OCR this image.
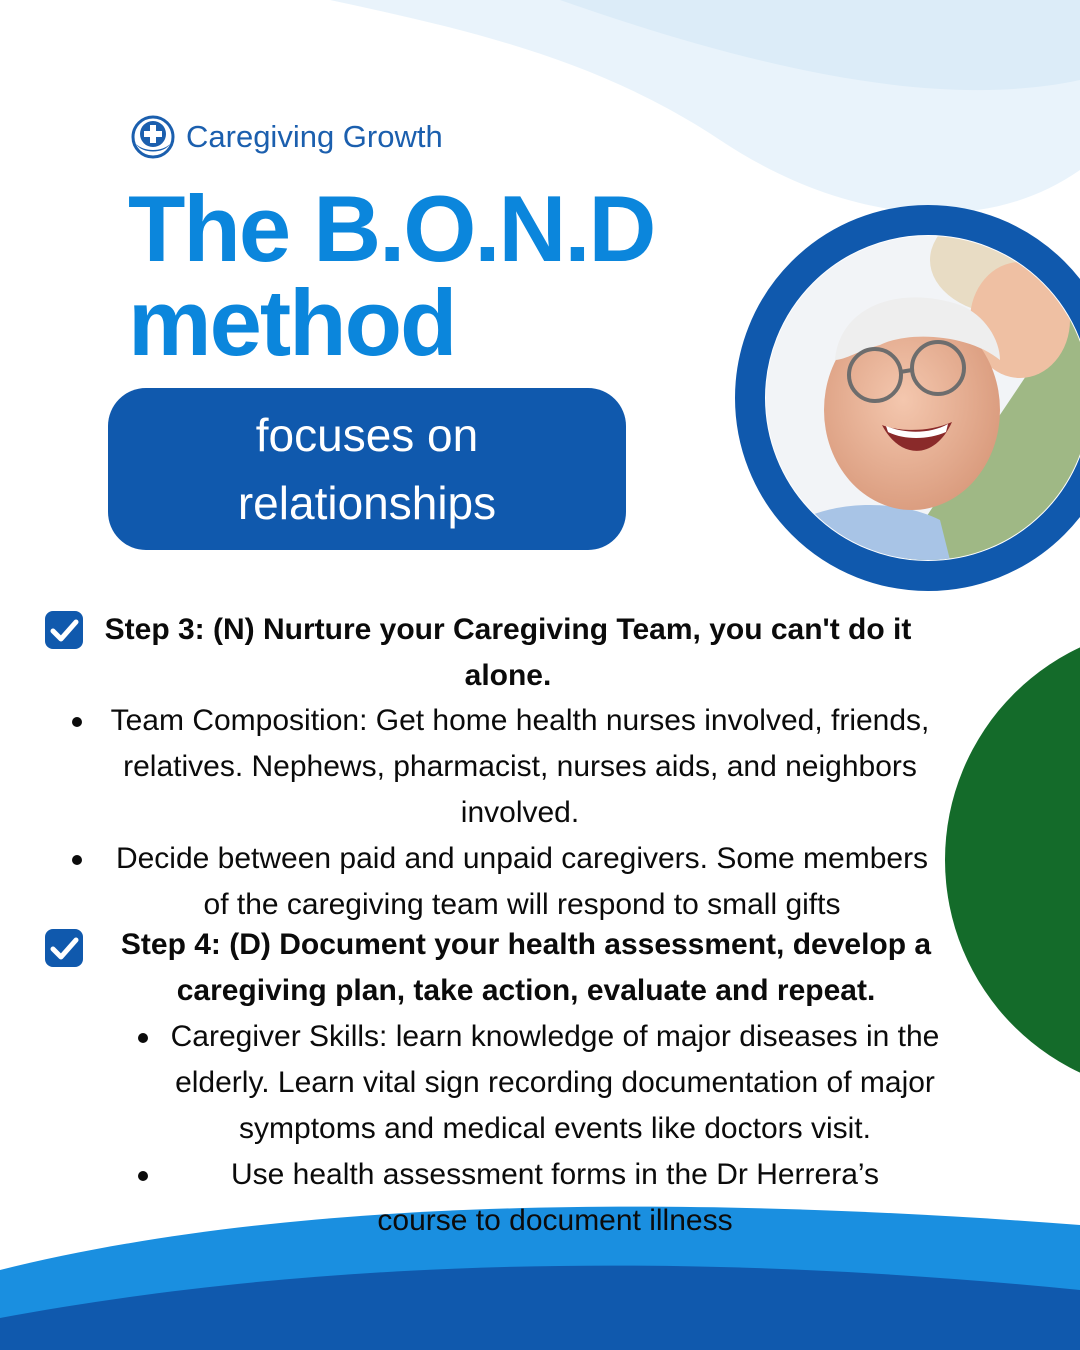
Caregiving Growth
The B.O.N.D
method
focuses on relationships
Step 3: (N) Nurture your Caregiving Team, you can't do it alone.
Team Composition: Get home health nurses involved, friends, relatives. Nephews, pharmacist, nurses aids, and neighbors involved.
Decide between paid and unpaid caregivers. Some members of the caregiving team will respond to small gifts
Step 4: (D) Document your health assessment, develop a caregiving plan, take action, evaluate and repeat.
Caregiver Skills: learn knowledge of major diseases in the elderly. Learn vital sign recording documentation of major symptoms and medical events like doctors visit.
Use health assessment forms in the Dr Herrera’s course to document illness
